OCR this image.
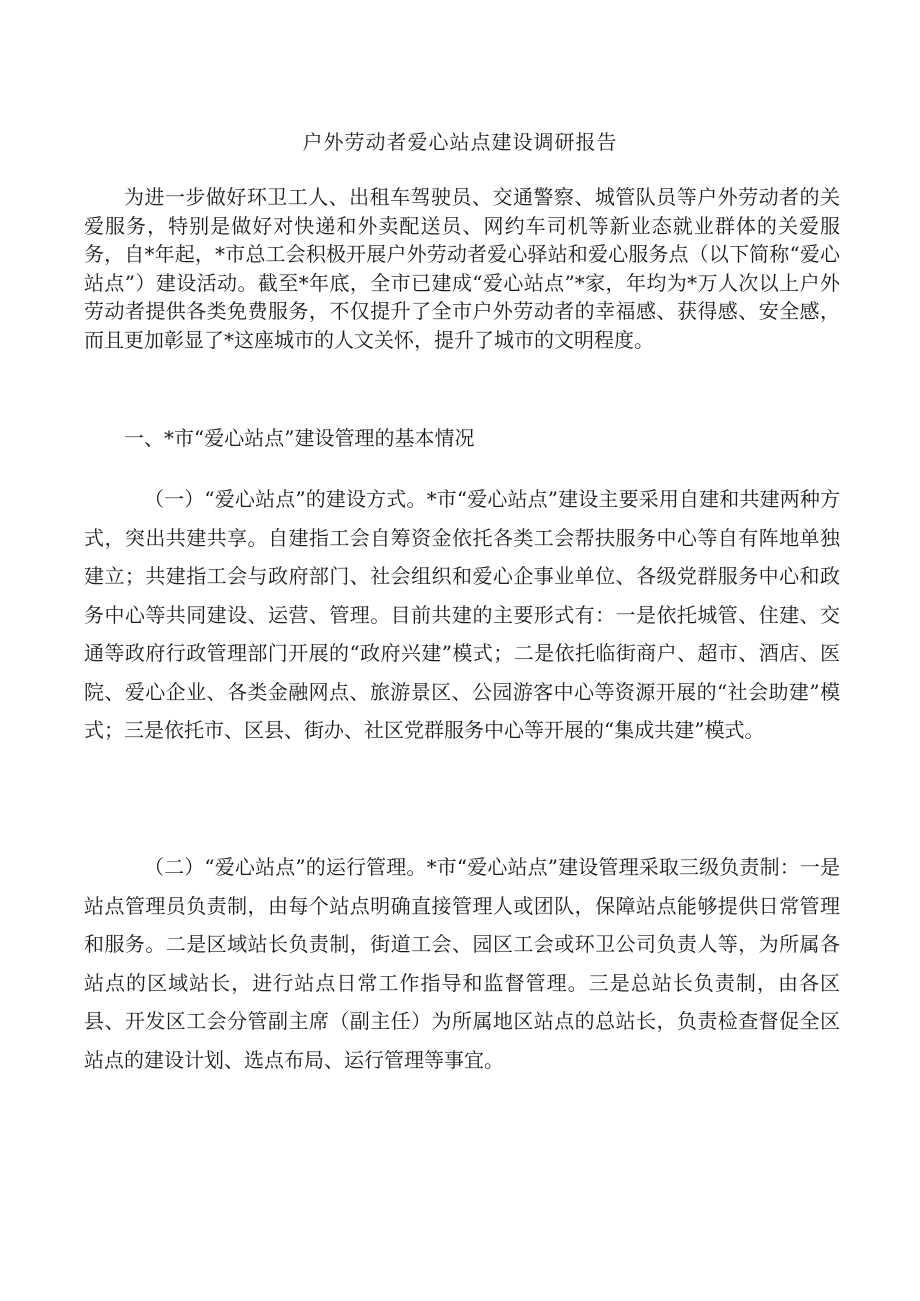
户外劳动者爱心站点建设调研报告

为进一步做好环卫工人、出租车驾驶员、交通警察、城管队员等户外劳动者的关爱服务，特别是做好对快递和外卖配送员、网约车司机等新业态就业群体的关爱服务，自*年起，*市总工会积极开展户外劳动者爱心驿站和爱心服务点（以下简称“爱心站点”）建设活动。截至*年底，全市已建成“爱心站点”*家，年均为*万人次以上户外劳动者提供各类免费服务，不仅提升了全市户外劳动者的幸福感、获得感、安全感，而且更加彰显了*这座城市的人文关怀，提升了城市的文明程度。

一、*市“爱心站点”建设管理的基本情况

（一）“爱心站点”的建设方式。*市“爱心站点”建设主要采用自建和共建两种方式，突出共建共享。自建指工会自筹资金依托各类工会帮扶服务中心等自有阵地单独建立；共建指工会与政府部门、社会组织和爱心企事业单位、各级党群服务中心和政务中心等共同建设、运营、管理。目前共建的主要形式有：一是依托城管、住建、交通等政府行政管理部门开展的“政府兴建”模式；二是依托临街商户、超市、酒店、医院、爱心企业、各类金融网点、旅游景区、公园游客中心等资源开展的“社会助建”模式；三是依托市、区县、街办、社区党群服务中心等开展的“集成共建”模式。

（二）“爱心站点”的运行管理。*市“爱心站点”建设管理采取三级负责制：一是站点管理员负责制，由每个站点明确直接管理人或团队，保障站点能够提供日常管理和服务。二是区域站长负责制，街道工会、园区工会或环卫公司负责人等，为所属各站点的区域站长，进行站点日常工作指导和监督管理。三是总站长负责制，由各区县、开发区工会分管副主席（副主任）为所属地区站点的总站长，负责检查督促全区站点的建设计划、选点布局、运行管理等事宜。
